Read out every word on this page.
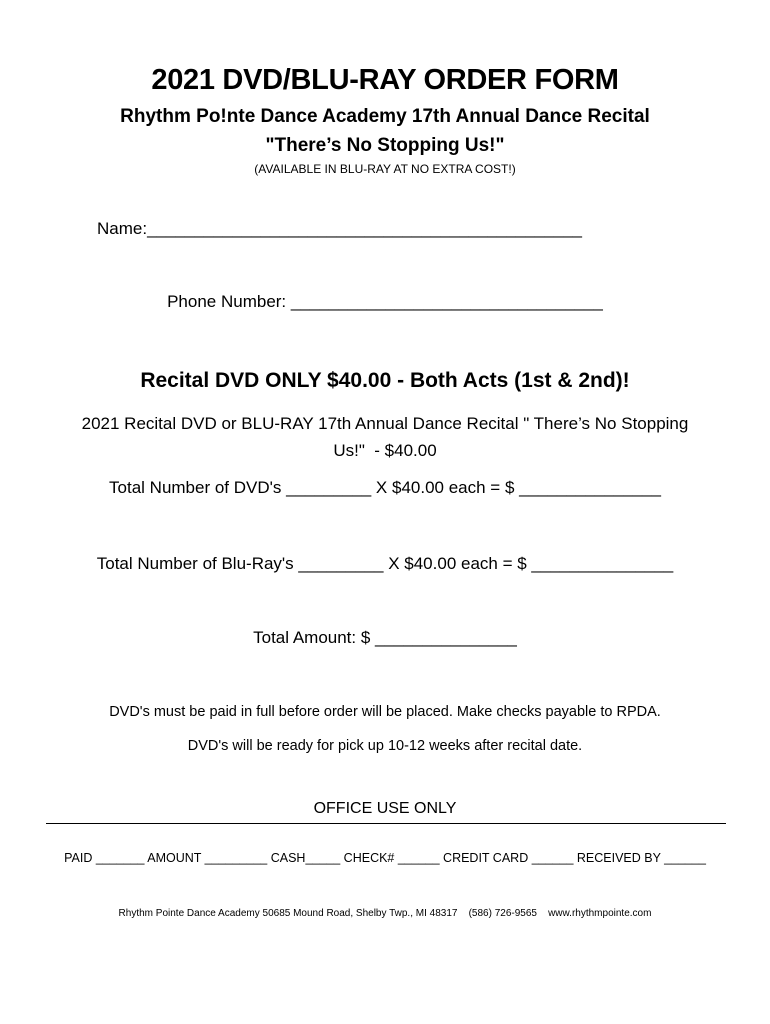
2021 DVD/BLU-RAY ORDER FORM
Rhythm Po!nte Dance Academy 17th Annual Dance Recital
"There’s No Stopping Us!"
(AVAILABLE IN BLU-RAY AT NO EXTRA COST!)
Name:______________________________________________
Phone Number: _________________________________
Recital DVD ONLY $40.00 - Both Acts (1st & 2nd)!
2021 Recital DVD or BLU-RAY 17th Annual Dance Recital " There’s No Stopping
Us!"  - $40.00
Total Number of DVD's _________ X $40.00 each = $ _______________
Total Number of Blu-Ray's _________ X $40.00 each = $ _______________
Total Amount: $ _______________
DVD's must be paid in full before order will be placed. Make checks payable to RPDA.
DVD's will be ready for pick up 10-12 weeks after recital date.
OFFICE USE ONLY
PAID _______ AMOUNT _________ CASH_____ CHECK# ______ CREDIT CARD ______ RECEIVED BY ______
Rhythm Pointe Dance Academy 50685 Mound Road, Shelby Twp., MI 48317    (586) 726-9565    www.rhythmpointe.com
